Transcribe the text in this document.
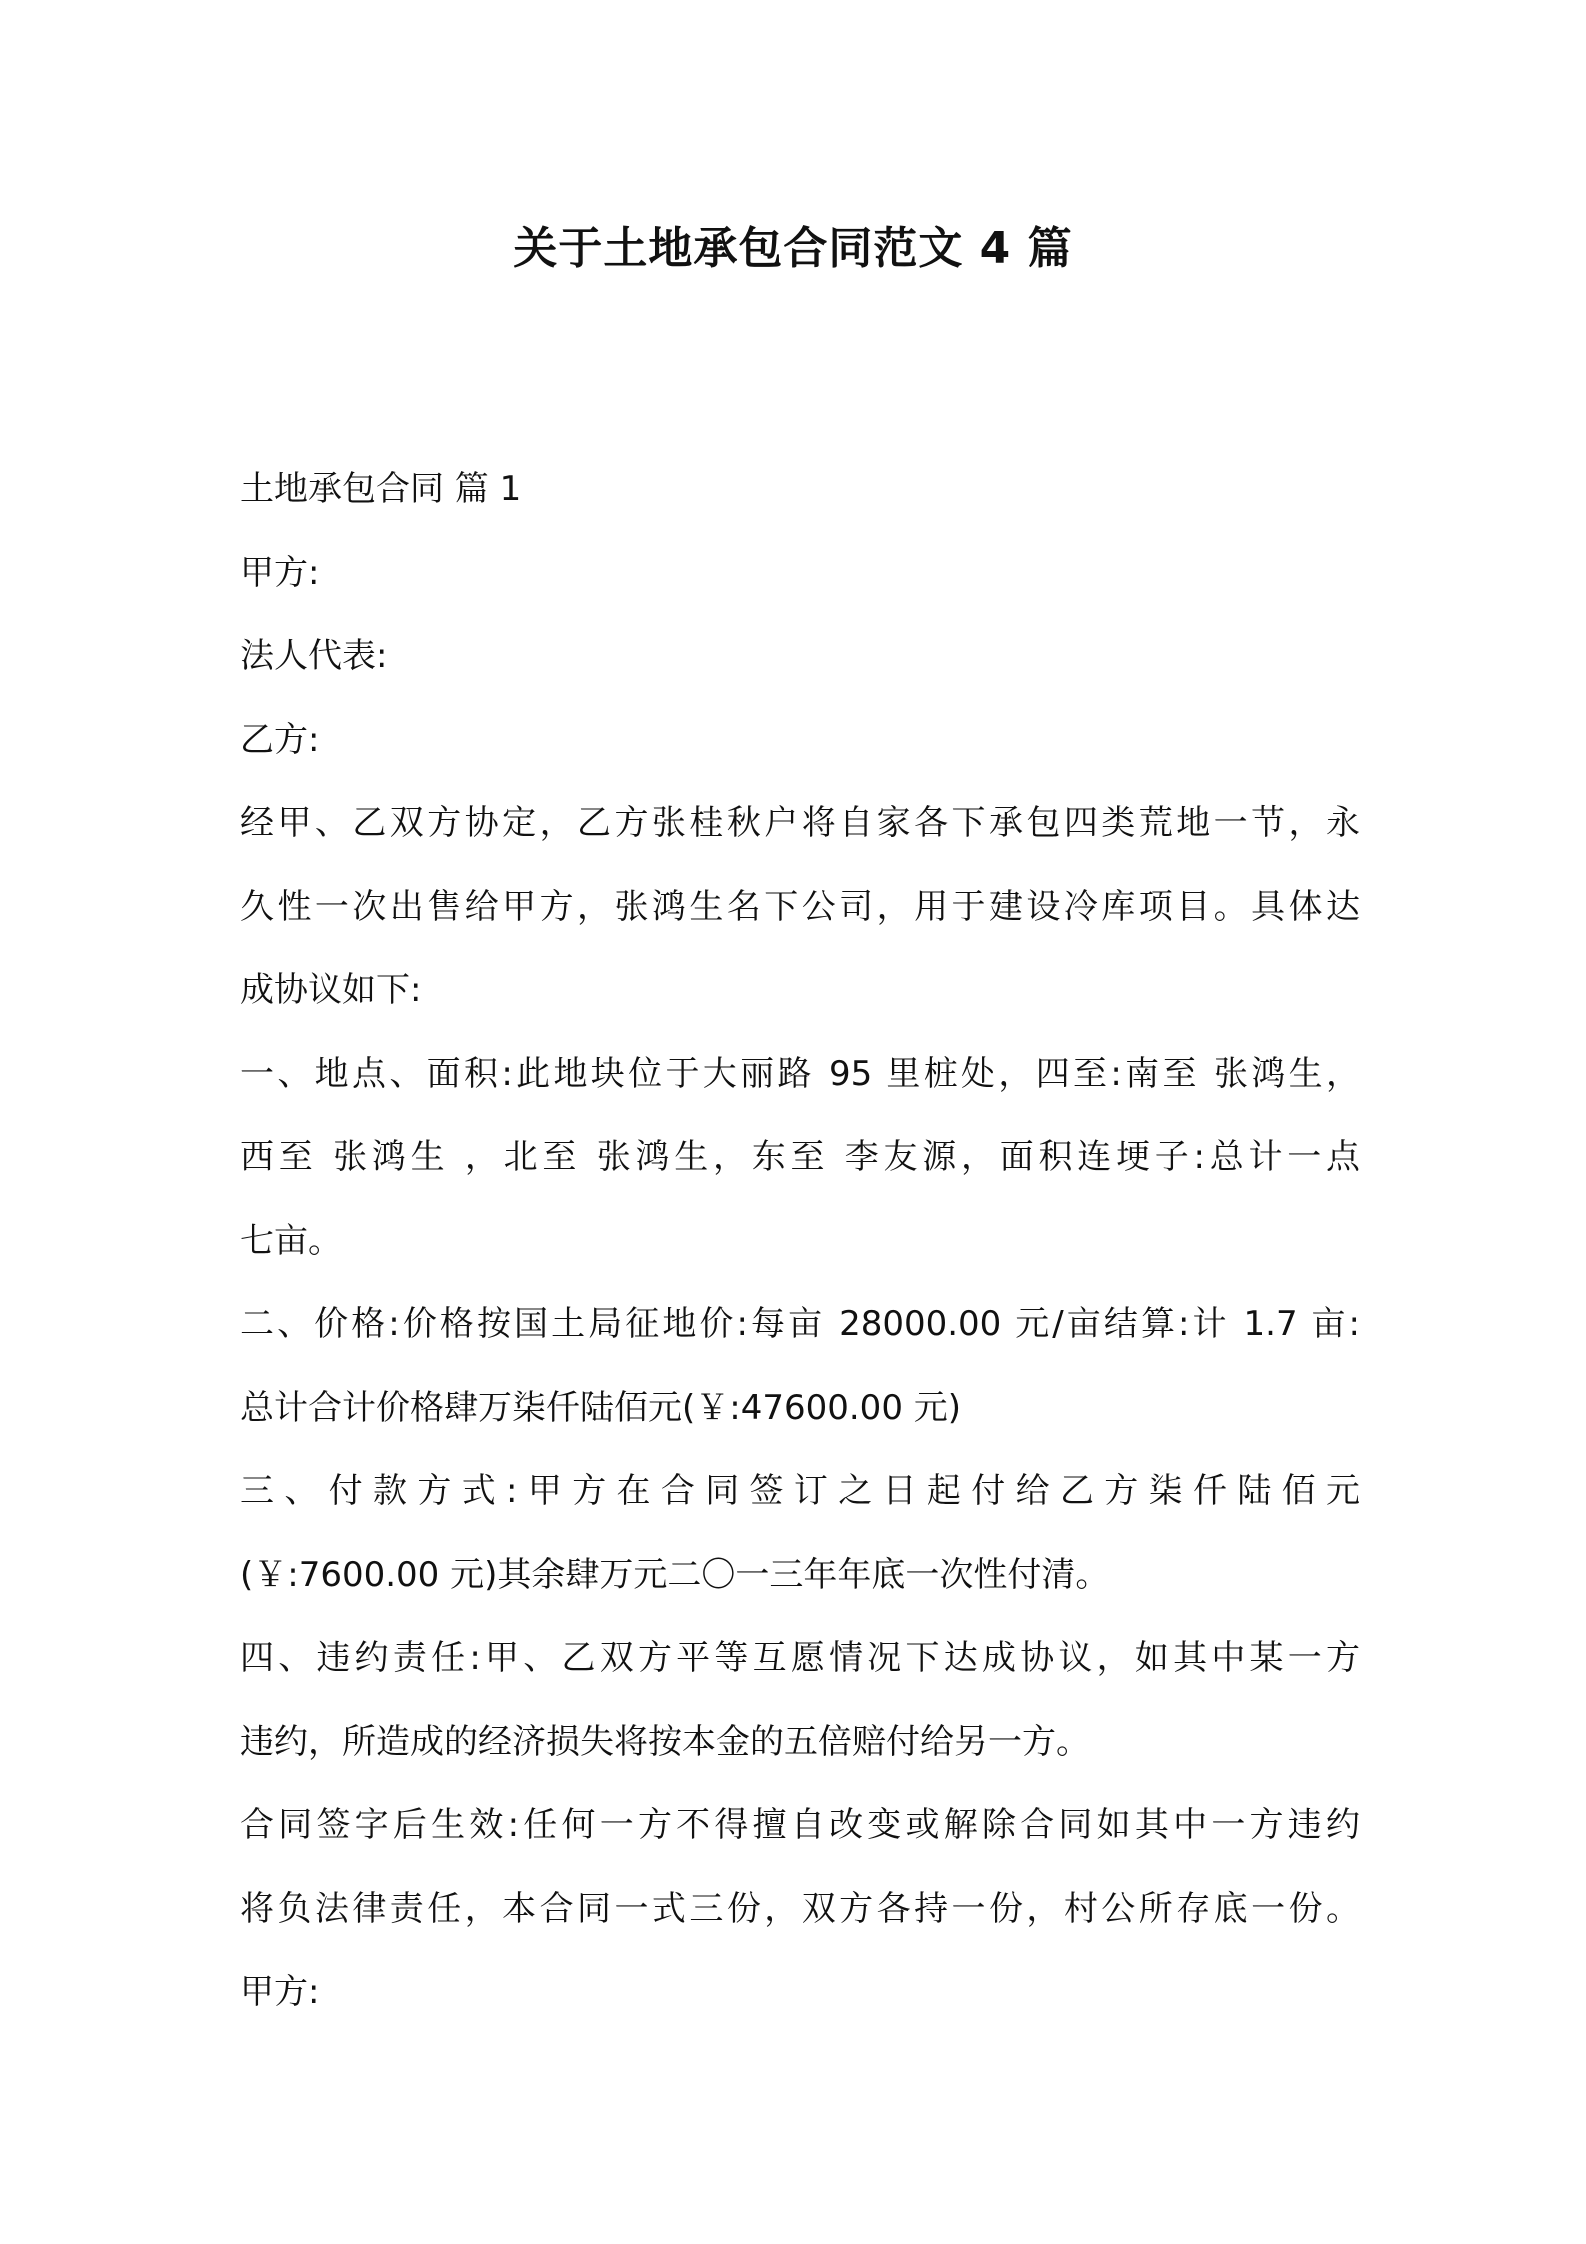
关于土地承包合同范文 4 篇
土地承包合同 篇 1
甲方:
法人代表:
乙方:
经甲、乙双方协定，乙方张桂秋户将自家各下承包四类荒地一节，永
久性一次出售给甲方，张鸿生名下公司，用于建设冷库项目。具体达
成协议如下:
一、地点、面积:此地块位于大丽路 95 里桩处，四至:南至 张鸿生，
西至 张鸿生 ，北至 张鸿生，东至 李友源，面积连埂子:总计一点
七亩。
二、价格:价格按国土局征地价:每亩 28000.00 元/亩结算:计 1.7 亩:
总计合计价格肆万柒仟陆佰元(￥:47600.00 元)
三、付款方式:甲方在合同签订之日起付给乙方柒仟陆佰元
(￥:7600.00 元)其余肆万元二〇一三年年底一次性付清。
四、违约责任:甲、乙双方平等互愿情况下达成协议，如其中某一方
违约，所造成的经济损失将按本金的五倍赔付给另一方。
合同签字后生效:任何一方不得擅自改变或解除合同如其中一方违约
将负法律责任，本合同一式三份，双方各持一份，村公所存底一份。
甲方:
